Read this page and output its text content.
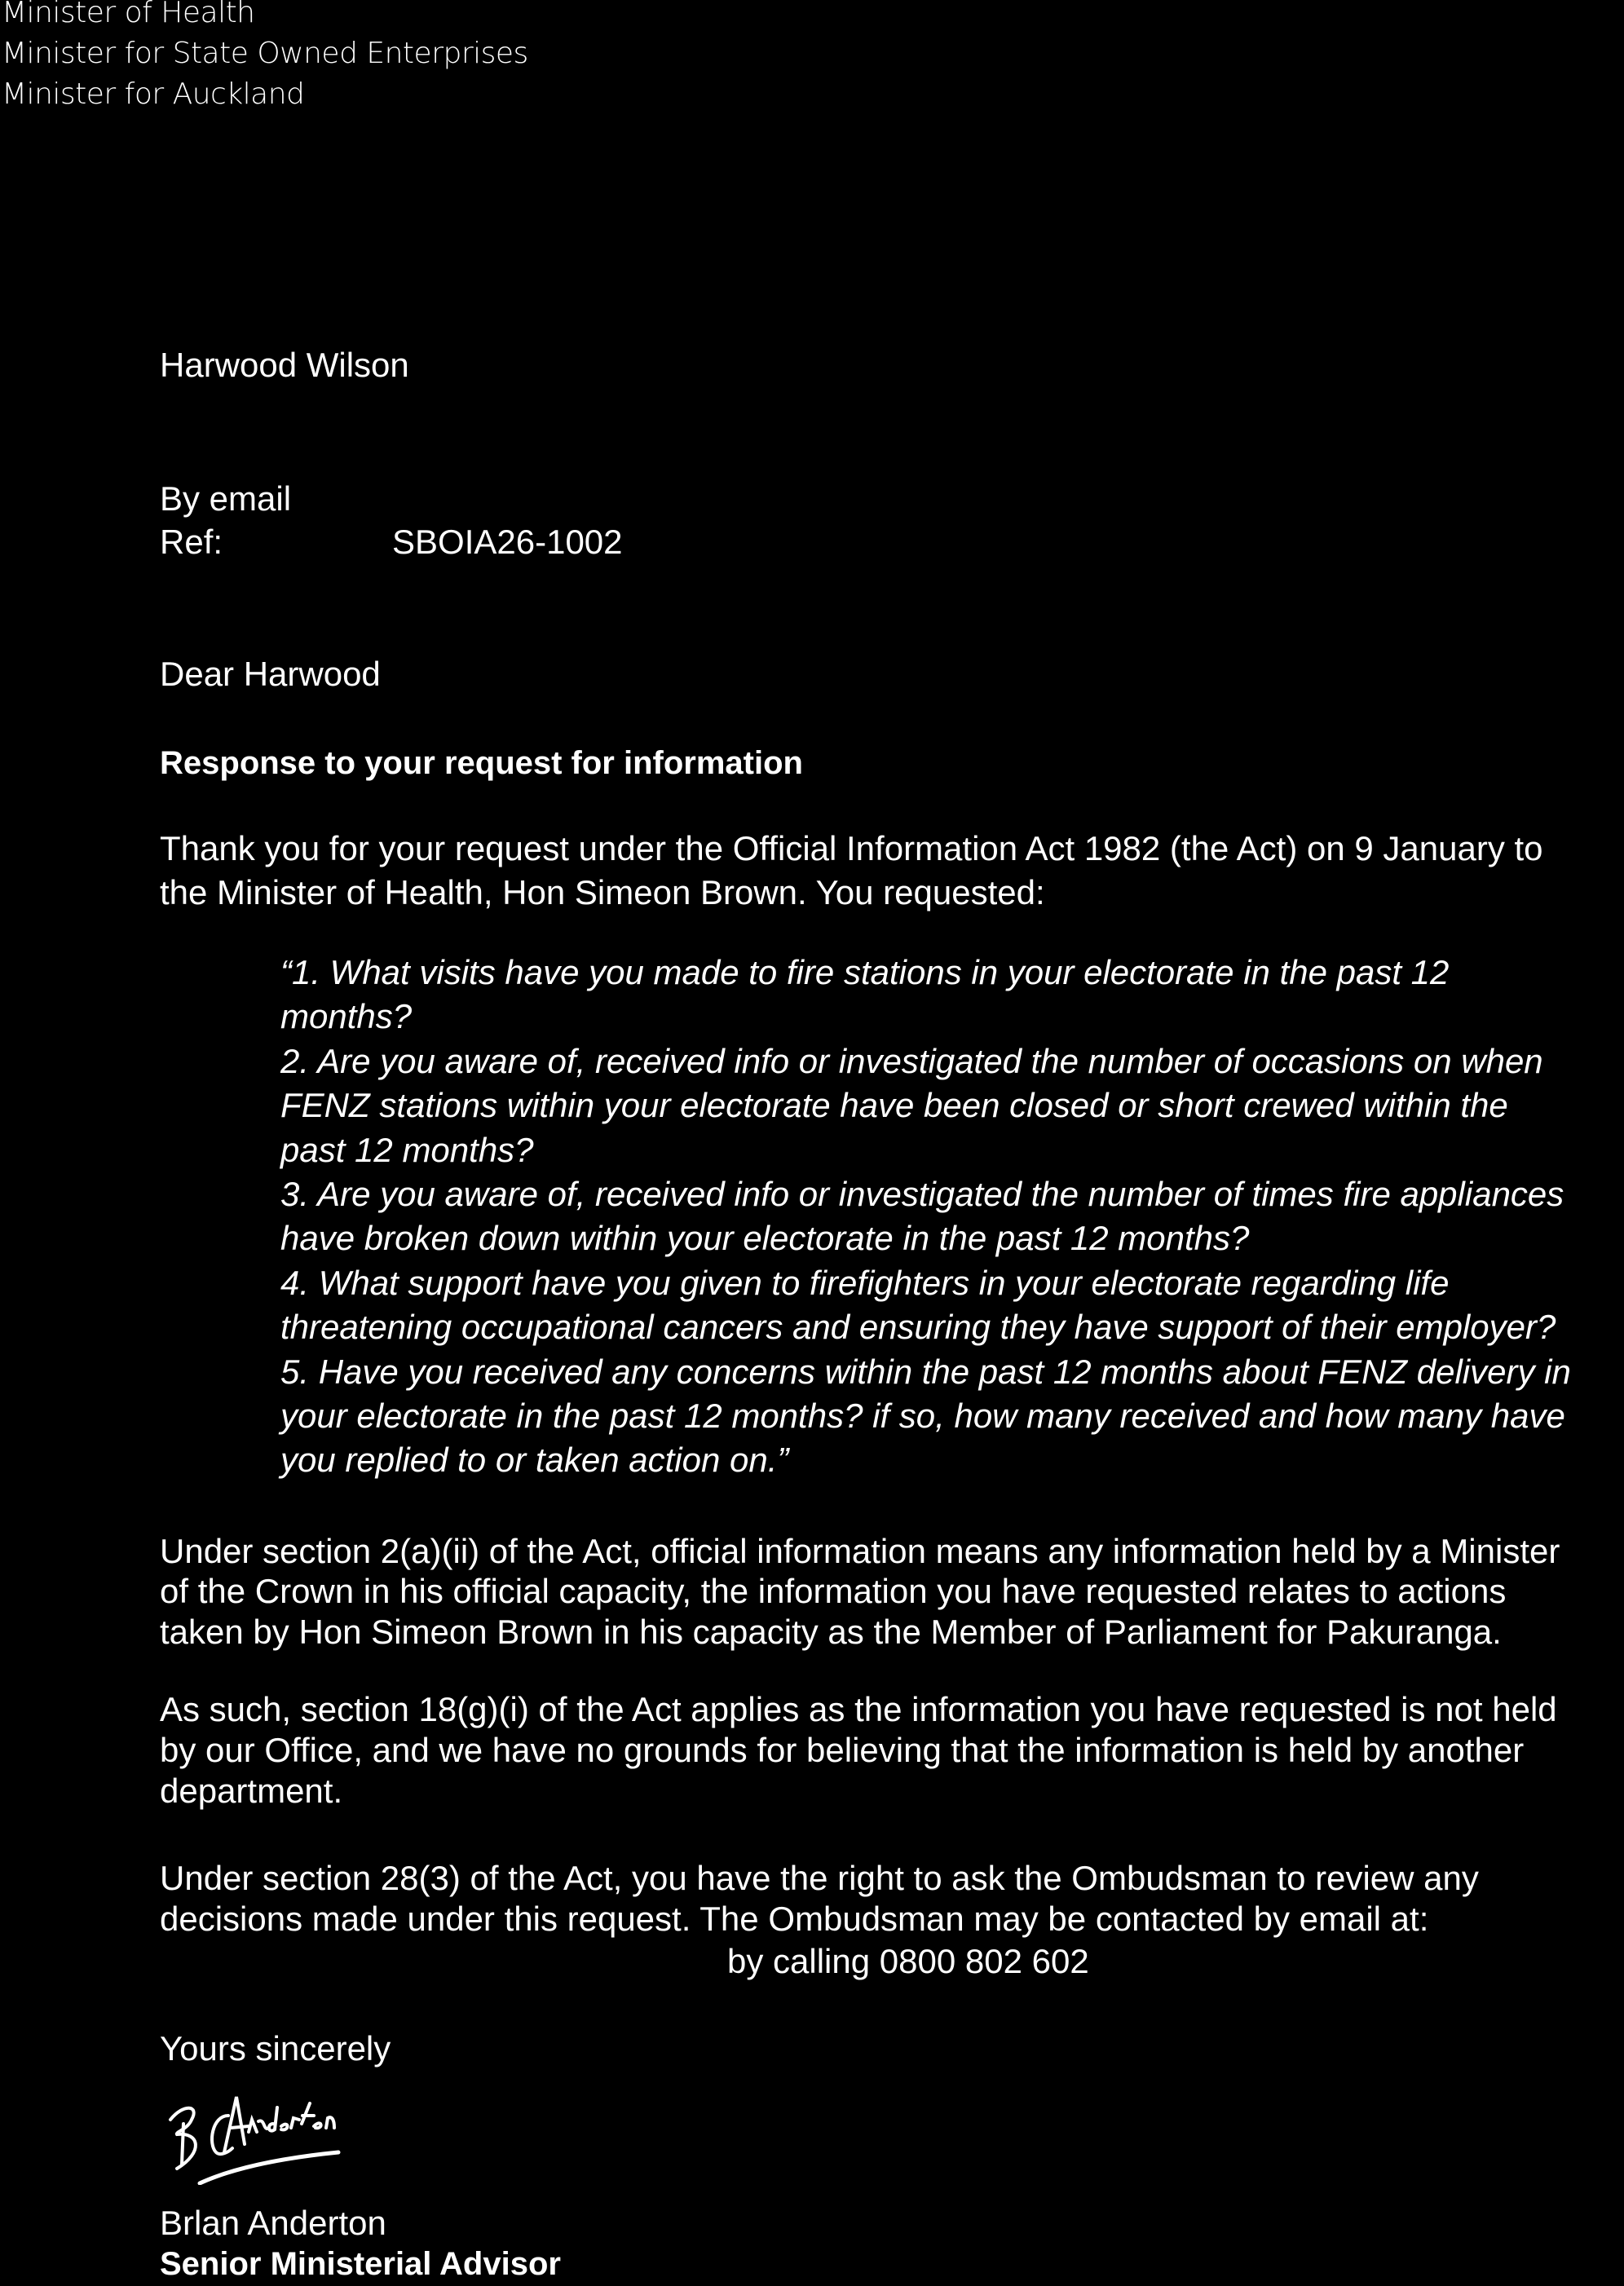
Minister of Health
Minister for State Owned Enterprises
Minister for Auckland
Harwood Wilson
By email
Ref:	SBOIA26-1002
Dear Harwood
Response to your request for information
Thank you for your request under the Official Information Act 1982 (the Act) on 9 January to
the Minister of Health, Hon Simeon Brown. You requested:
“1. What visits have you made to fire stations in your electorate in the past 12
months?
2. Are you aware of, received info or investigated the number of occasions on when
FENZ stations within your electorate have been closed or short crewed within the
past 12 months?
3. Are you aware of, received info or investigated the number of times fire appliances
have broken down within your electorate in the past 12 months?
4. What support have you given to firefighters in your electorate regarding life
threatening occupational cancers and ensuring they have support of their employer?
5. Have you received any concerns within the past 12 months about FENZ delivery in
your electorate in the past 12 months? if so, how many received and how many have
you replied to or taken action on.”
Under section 2(a)(ii) of the Act, official information means any information held by a Minister
of the Crown in his official capacity, the information you have requested relates to actions
taken by Hon Simeon Brown in his capacity as the Member of Parliament for Pakuranga.
As such, section 18(g)(i) of the Act applies as the information you have requested is not held
by our Office, and we have no grounds for believing that the information is held by another
department.
Under section 28(3) of the Act, you have the right to ask the Ombudsman to review any
decisions made under this request. The Ombudsman may be contacted by email at:
by calling 0800 802 602
Yours sincerely
Brlan Anderton
Senior Ministerial Advisor
